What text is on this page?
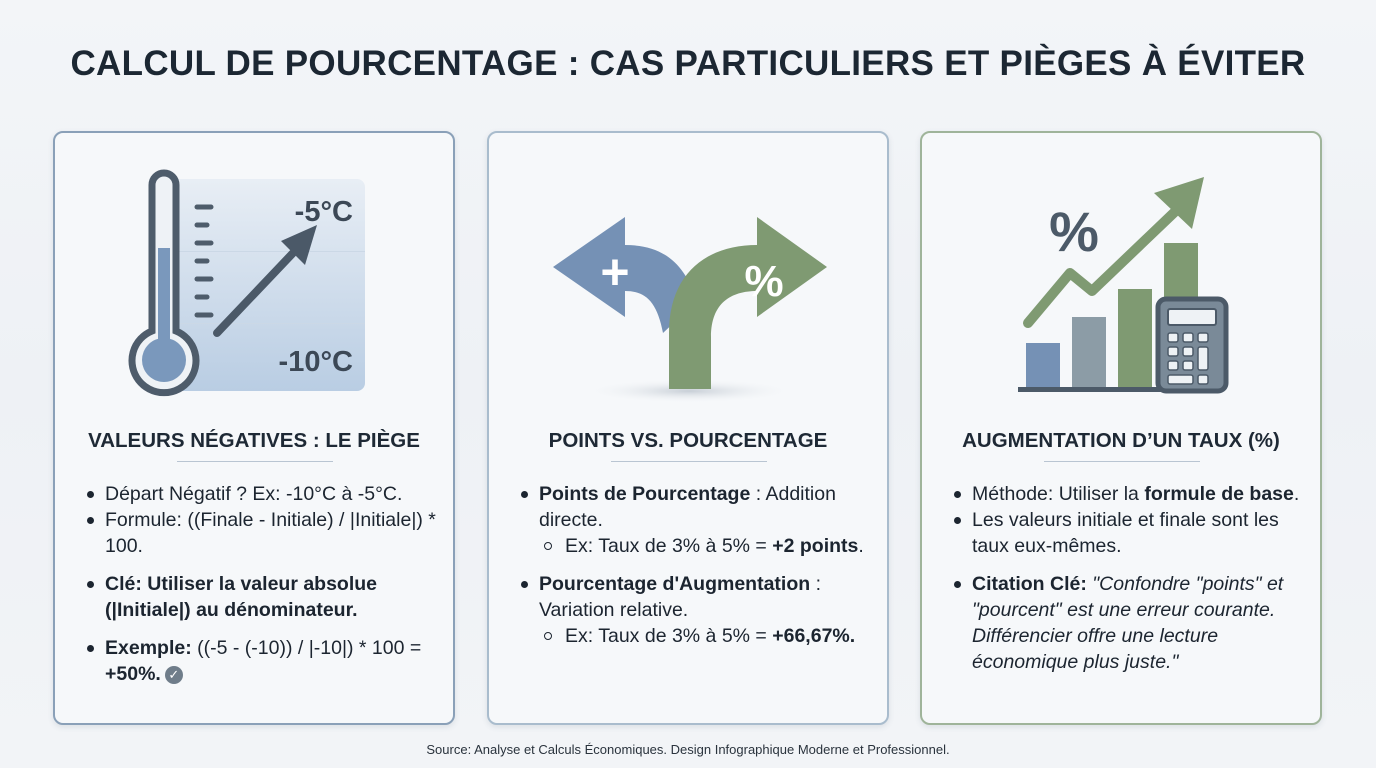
CALCUL DE POURCENTAGE : CAS PARTICULIERS ET PIÈGES À ÉVITER
-5°C
-10°C
VALEURS NÉGATIVES : LE PIÈGE
Départ Négatif ? Ex: -10°C à -5°C.
Formule: ((Finale - Initiale) / |Initiale|) * 100.
Clé: Utiliser la valeur absolue (|Initiale|) au dénominateur.
Exemple: ((-5 - (-10)) / |-10|) * 100 = +50%. ✓
+	%
POINTS VS. POURCENTAGE
Points de Pourcentage : Addition directe.
Ex: Taux de 3% à 5% = +2 points.
Pourcentage d'Augmentation : Variation relative.
Ex: Taux de 3% à 5% = +66,67%.
%
AUGMENTATION D’UN TAUX (%)
Méthode: Utiliser la formule de base.
Les valeurs initiale et finale sont les taux eux-mêmes.
Citation Clé: "Confondre "points" et "pourcent" est une erreur courante. Différencier offre une lecture économique plus juste."
Source: Analyse et Calculs Économiques. Design Infographique Moderne et Professionnel.
